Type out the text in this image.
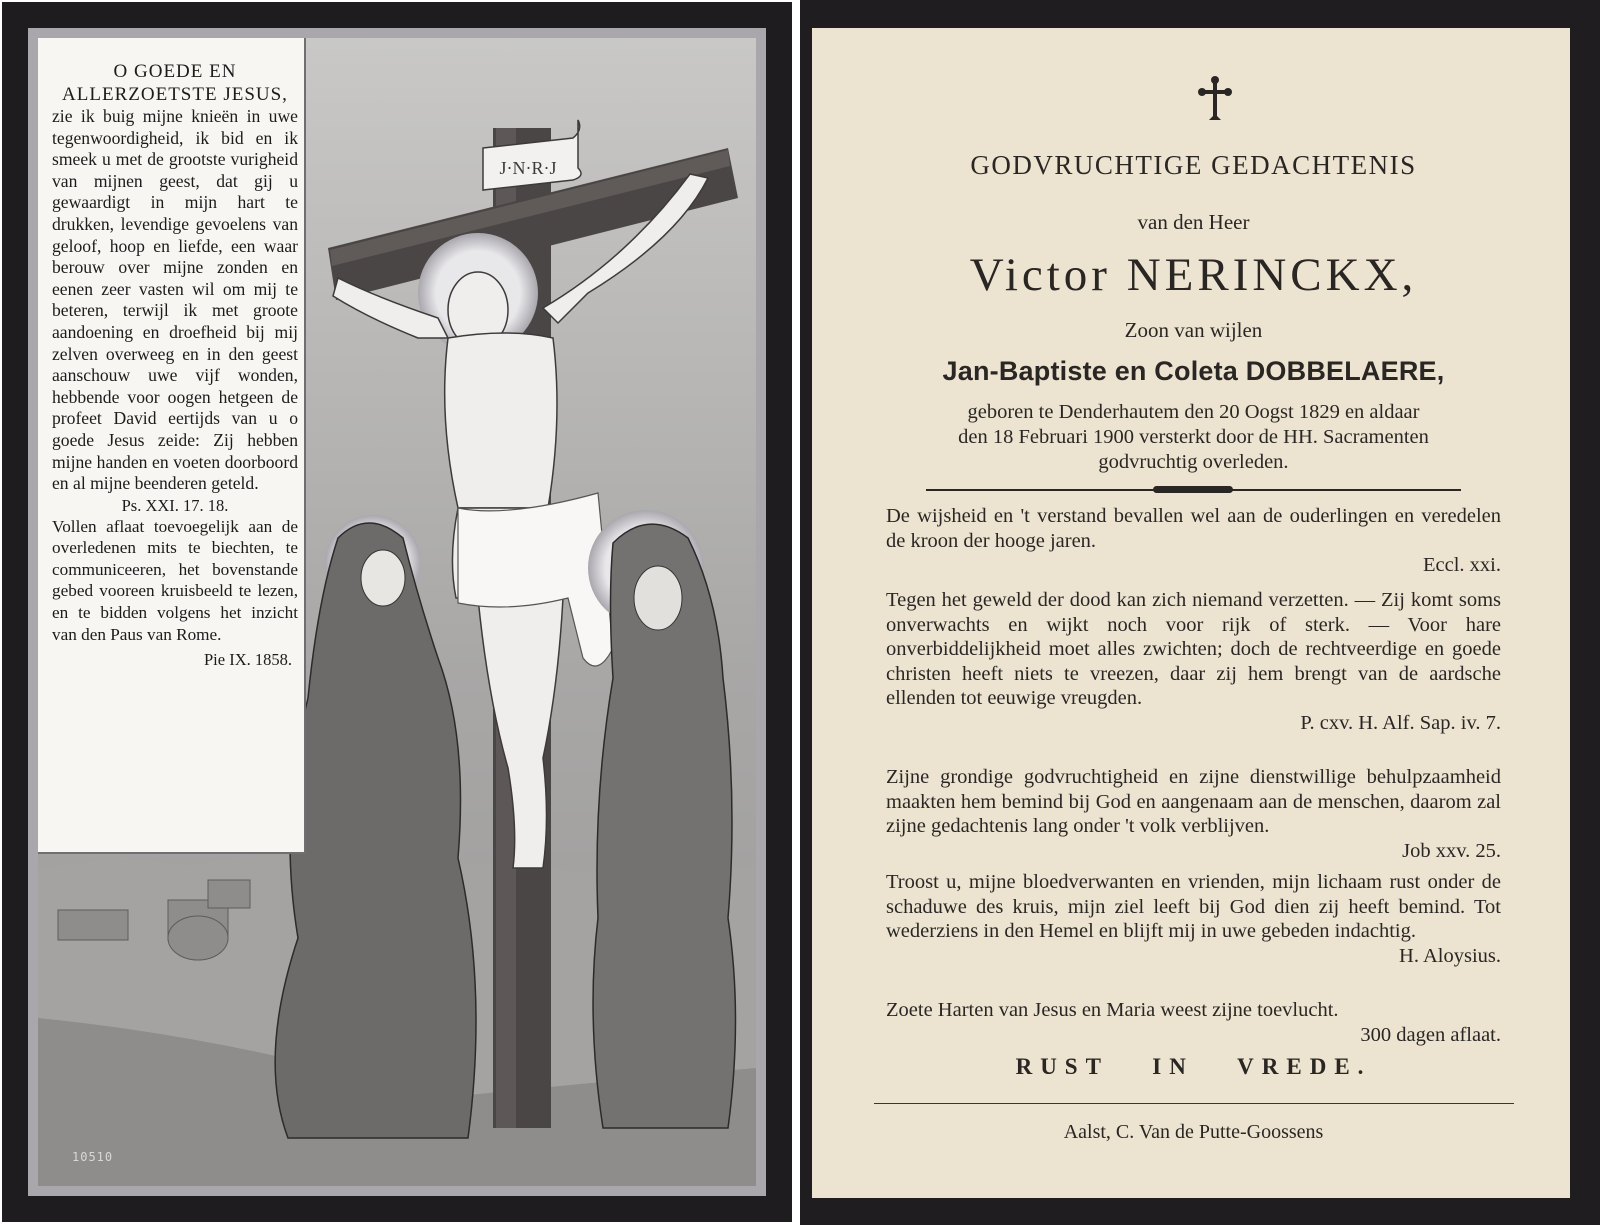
J·N·R·J

O GOEDE EN ALLERZOETSTE JESUS,

zie ik buig mijne knieën in uwe tegenwoordigheid, ik bid en ik smeek u met de grootste vurigheid van mijnen geest, dat gij u gewaardigt in mijn hart te drukken, levendige gevoelens van geloof, hoop en liefde, een waar berouw over mijne zonden en eenen zeer vasten wil om mij te beteren, terwijl ik met groote aandoening en droefheid bij mij zelven overweeg en in den geest aanschouw uwe vijf wonden, hebbende voor oogen hetgeen de profeet David eertijds van u o goede Jesus zeide: Zij hebben mijne handen en voeten doorboord en al mijne beenderen geteld.

Ps. XXI. 17. 18.

Vollen aflaat toevoegelijk aan de overledenen mits te biechten, te communiceeren, het bovenstande gebed vooreen kruisbeeld te lezen, en te bidden volgens het inzicht van den Paus van Rome.

Pie IX. 1858.

10510
GODVRUCHTIGE GEDACHTENIS
van den Heer
Victor NERINCKX,
Zoon van wijlen
Jan-Baptiste en Coleta DOBBELAERE,
geboren te Denderhautem den 20 Oogst 1829 en aldaar
den 18 Februari 1900 versterkt door de HH. Sacramenten
godvruchtig overleden.

De wijsheid en 't verstand bevallen wel aan de ouderlingen en veredelen de kroon der hooge jaren.

Eccl. xxi.

Tegen het geweld der dood kan zich niemand verzetten. — Zij komt soms onverwachts en wijkt noch voor rijk of sterk. — Voor hare onverbiddelijkheid moet alles zwichten; doch de rechtveerdige en goede christen heeft niets te vreezen, daar zij hem brengt van de aardsche ellenden tot eeuwige vreugden.

P. cxv. H. Alf. Sap. iv. 7.

Zijne grondige godvruchtigheid en zijne dienstwillige behulpzaamheid maakten hem bemind bij God en aangenaam aan de menschen, daarom zal zijne gedachtenis lang onder 't volk verblijven.

Job xxv. 25.

Troost u, mijne bloedverwanten en vrienden, mijn lichaam rust onder de schaduwe des kruis, mijn ziel leeft bij God dien zij heeft bemind. Tot wederziens in den Hemel en blijft mij in uwe gebeden indachtig.

H. Aloysius.

Zoete Harten van Jesus en Maria weest zijne toevlucht.

300 dagen aflaat.

RUST IN VREDE.
Aalst, C. Van de Putte-Goossens
